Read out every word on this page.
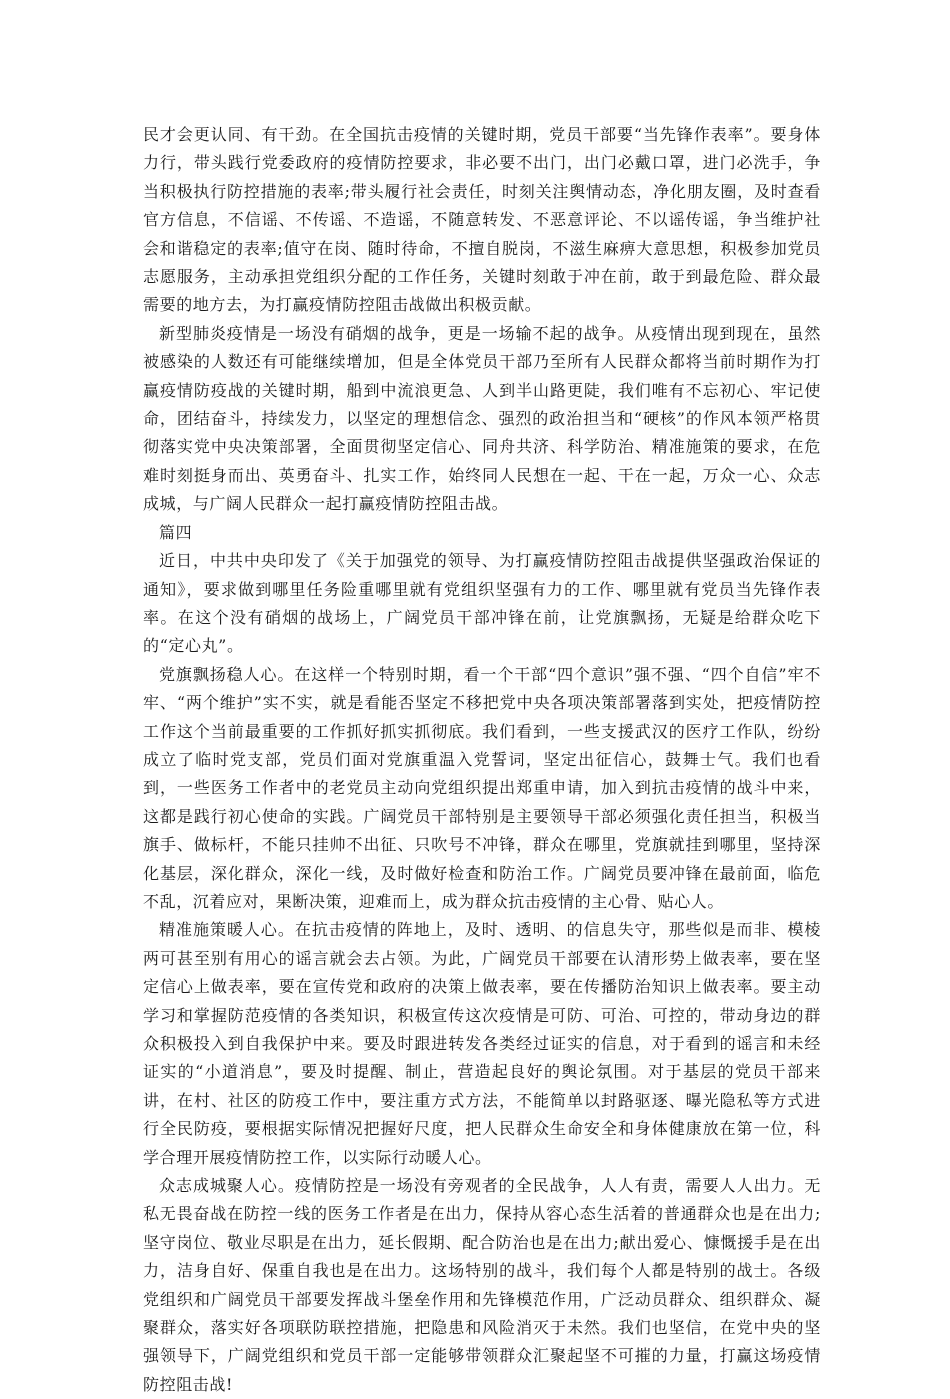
民才会更认同、有干劲。在全国抗击疫情的关键时期，党员干部要“当先锋作表率”。要身体力行，带头践行党委政府的疫情防控要求，非必要不出门，出门必戴口罩，进门必洗手，争当积极执行防控措施的表率;带头履行社会责任，时刻关注舆情动态，净化朋友圈，及时查看官方信息，不信谣、不传谣、不造谣，不随意转发、不恶意评论、不以谣传谣，争当维护社会和谐稳定的表率;值守在岗、随时待命，不擅自脱岗，不滋生麻痹大意思想，积极参加党员志愿服务，主动承担党组织分配的工作任务，关键时刻敢于冲在前，敢于到最危险、群众最需要的地方去，为打赢疫情防控阻击战做出积极贡献。

新型肺炎疫情是一场没有硝烟的战争，更是一场输不起的战争。从疫情出现到现在，虽然被感染的人数还有可能继续增加，但是全体党员干部乃至所有人民群众都将当前时期作为打赢疫情防疫战的关键时期，船到中流浪更急、人到半山路更陡，我们唯有不忘初心、牢记使命，团结奋斗，持续发力，以坚定的理想信念、强烈的政治担当和“硬核”的作风本领严格贯彻落实党中央决策部署，全面贯彻坚定信心、同舟共济、科学防治、精准施策的要求，在危难时刻挺身而出、英勇奋斗、扎实工作，始终同人民想在一起、干在一起，万众一心、众志成城，与广阔人民群众一起打赢疫情防控阻击战。

篇四

近日，中共中央印发了《关于加强党的领导、为打赢疫情防控阻击战提供坚强政治保证的通知》，要求做到哪里任务险重哪里就有党组织坚强有力的工作、哪里就有党员当先锋作表率。在这个没有硝烟的战场上，广阔党员干部冲锋在前，让党旗飘扬，无疑是给群众吃下的“定心丸”。

党旗飘扬稳人心。在这样一个特别时期，看一个干部“四个意识”强不强、“四个自信”牢不牢、“两个维护”实不实，就是看能否坚定不移把党中央各项决策部署落到实处，把疫情防控工作这个当前最重要的工作抓好抓实抓彻底。我们看到，一些支援武汉的医疗工作队，纷纷成立了临时党支部，党员们面对党旗重温入党誓词，坚定出征信心，鼓舞士气。我们也看到，一些医务工作者中的老党员主动向党组织提出郑重申请，加入到抗击疫情的战斗中来，这都是践行初心使命的实践。广阔党员干部特别是主要领导干部必须强化责任担当，积极当旗手、做标杆，不能只挂帅不出征、只吹号不冲锋，群众在哪里，党旗就挂到哪里，坚持深化基层，深化群众，深化一线，及时做好检查和防治工作。广阔党员要冲锋在最前面，临危不乱，沉着应对，果断决策，迎难而上，成为群众抗击疫情的主心骨、贴心人。

精准施策暖人心。在抗击疫情的阵地上，及时、透明、的信息失守，那些似是而非、模棱两可甚至别有用心的谣言就会去占领。为此，广阔党员干部要在认清形势上做表率，要在坚定信心上做表率，要在宣传党和政府的决策上做表率，要在传播防治知识上做表率。要主动学习和掌握防范疫情的各类知识，积极宣传这次疫情是可防、可治、可控的，带动身边的群众积极投入到自我保护中来。要及时跟进转发各类经过证实的信息，对于看到的谣言和未经证实的“小道消息”，要及时提醒、制止，营造起良好的舆论氛围。对于基层的党员干部来讲，在村、社区的防疫工作中，要注重方式方法，不能简单以封路驱逐、曝光隐私等方式进行全民防疫，要根据实际情况把握好尺度，把人民群众生命安全和身体健康放在第一位，科学合理开展疫情防控工作，以实际行动暖人心。

众志成城聚人心。疫情防控是一场没有旁观者的全民战争，人人有责，需要人人出力。无私无畏奋战在防控一线的医务工作者是在出力，保持从容心态生活着的普通群众也是在出力;坚守岗位、敬业尽职是在出力，延长假期、配合防治也是在出力;献出爱心、慷慨援手是在出力，洁身自好、保重自我也是在出力。这场特别的战斗，我们每个人都是特别的战士。各级党组织和广阔党员干部要发挥战斗堡垒作用和先锋模范作用，广泛动员群众、组织群众、凝聚群众，落实好各项联防联控措施，把隐患和风险消灭于未然。我们也坚信，在党中央的坚强领导下，广阔党组织和党员干部一定能够带领群众汇聚起坚不可摧的力量，打赢这场疫情防控阻击战!
